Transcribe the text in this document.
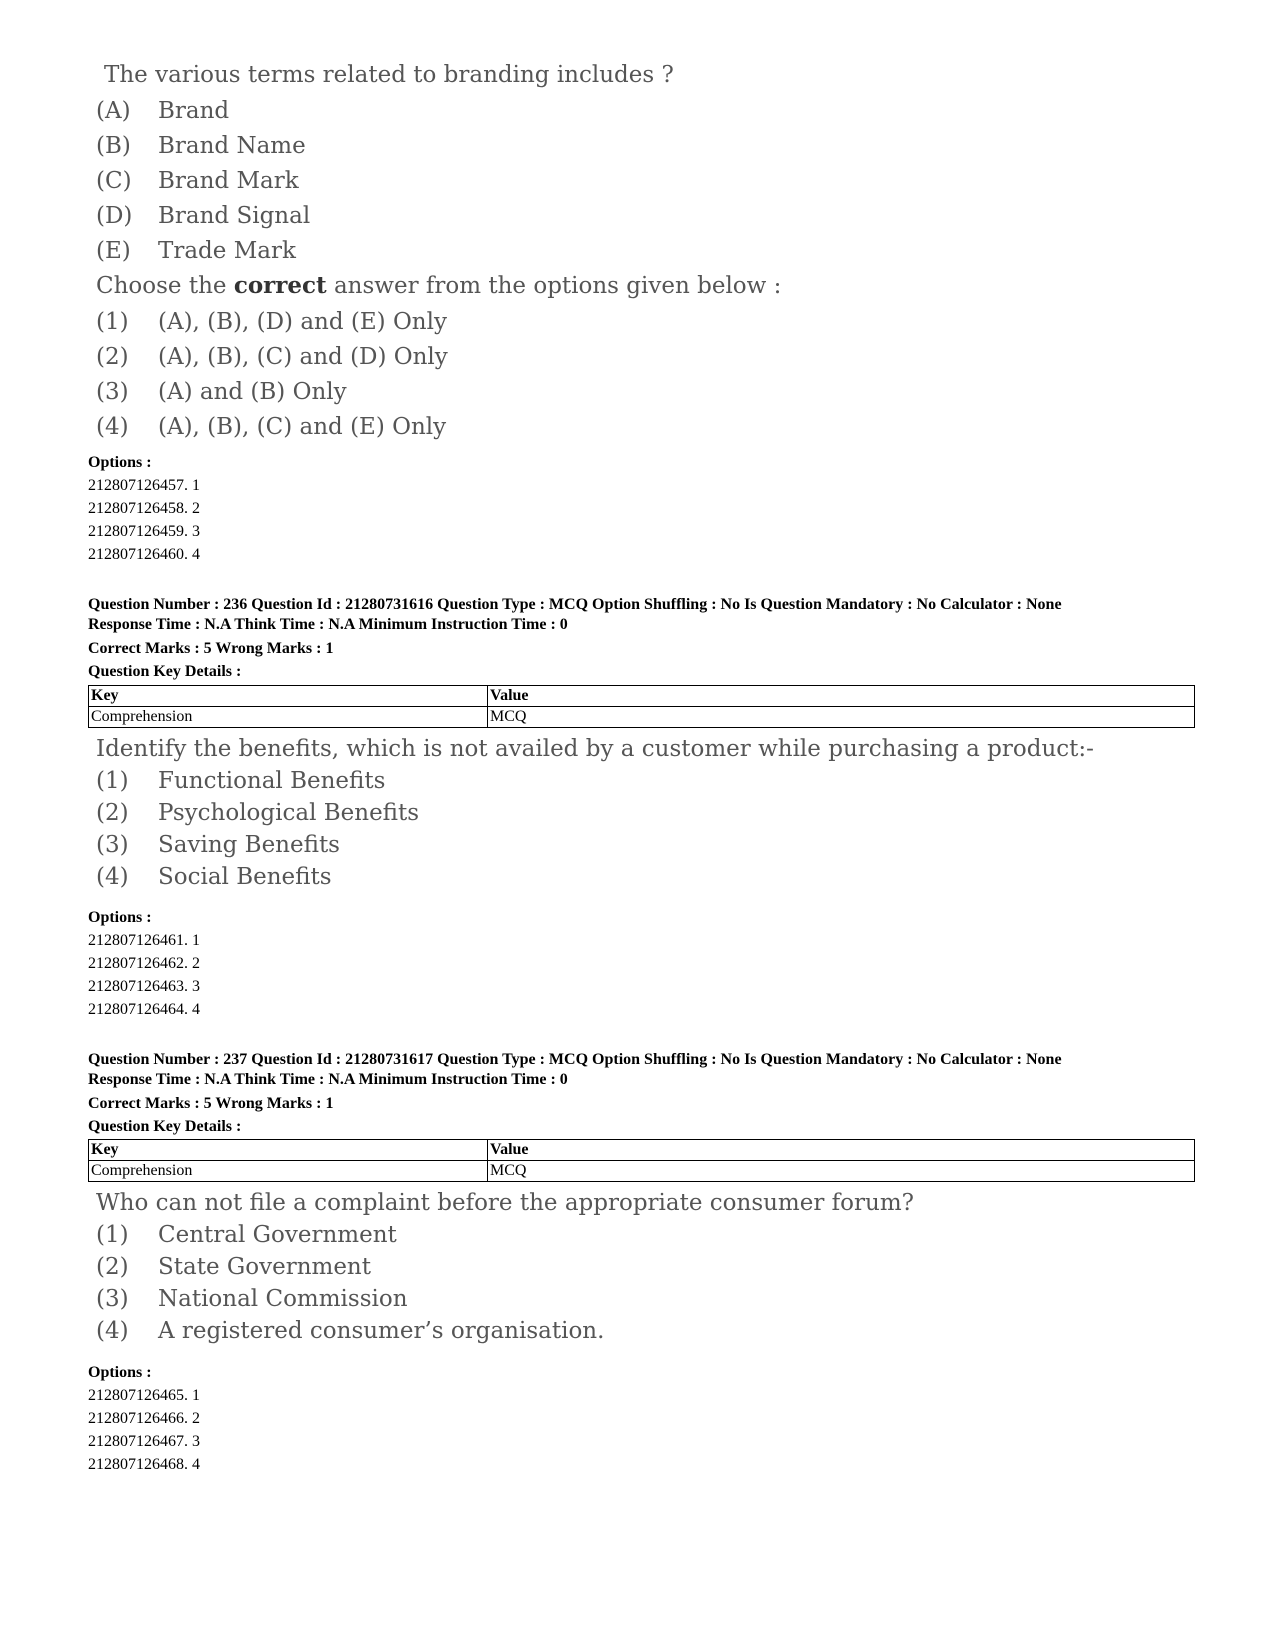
The various terms related to branding includes ?
(A)	Brand
(B)	Brand Name
(C)	Brand Mark
(D)	Brand Signal
(E)	Trade Mark
Choose the correct answer from the options given below :
(1)	(A), (B), (D) and (E) Only
(2)	(A), (B), (C) and (D) Only
(3)	(A) and (B) Only
(4)	(A), (B), (C) and (E) Only
Options :
212807126457. 1
212807126458. 2
212807126459. 3
212807126460. 4
Question Number : 236 Question Id : 21280731616 Question Type : MCQ Option Shuffling : No Is Question Mandatory : No Calculator : None
Response Time : N.A Think Time : N.A Minimum Instruction Time : 0
Correct Marks : 5 Wrong Marks : 1
Question Key Details :
Key	Value
Comprehension	MCQ
Identify the benefits, which is not availed by a customer while purchasing a product:-
(1)	Functional Benefits
(2)	Psychological Benefits
(3)	Saving Benefits
(4)	Social Benefits
Options :
212807126461. 1
212807126462. 2
212807126463. 3
212807126464. 4
Question Number : 237 Question Id : 21280731617 Question Type : MCQ Option Shuffling : No Is Question Mandatory : No Calculator : None
Response Time : N.A Think Time : N.A Minimum Instruction Time : 0
Correct Marks : 5 Wrong Marks : 1
Question Key Details :
Key	Value
Comprehension	MCQ
Who can not file a complaint before the appropriate consumer forum?
(1)	Central Government
(2)	State Government
(3)	National Commission
(4)	A registered consumer’s organisation.
Options :
212807126465. 1
212807126466. 2
212807126467. 3
212807126468. 4
